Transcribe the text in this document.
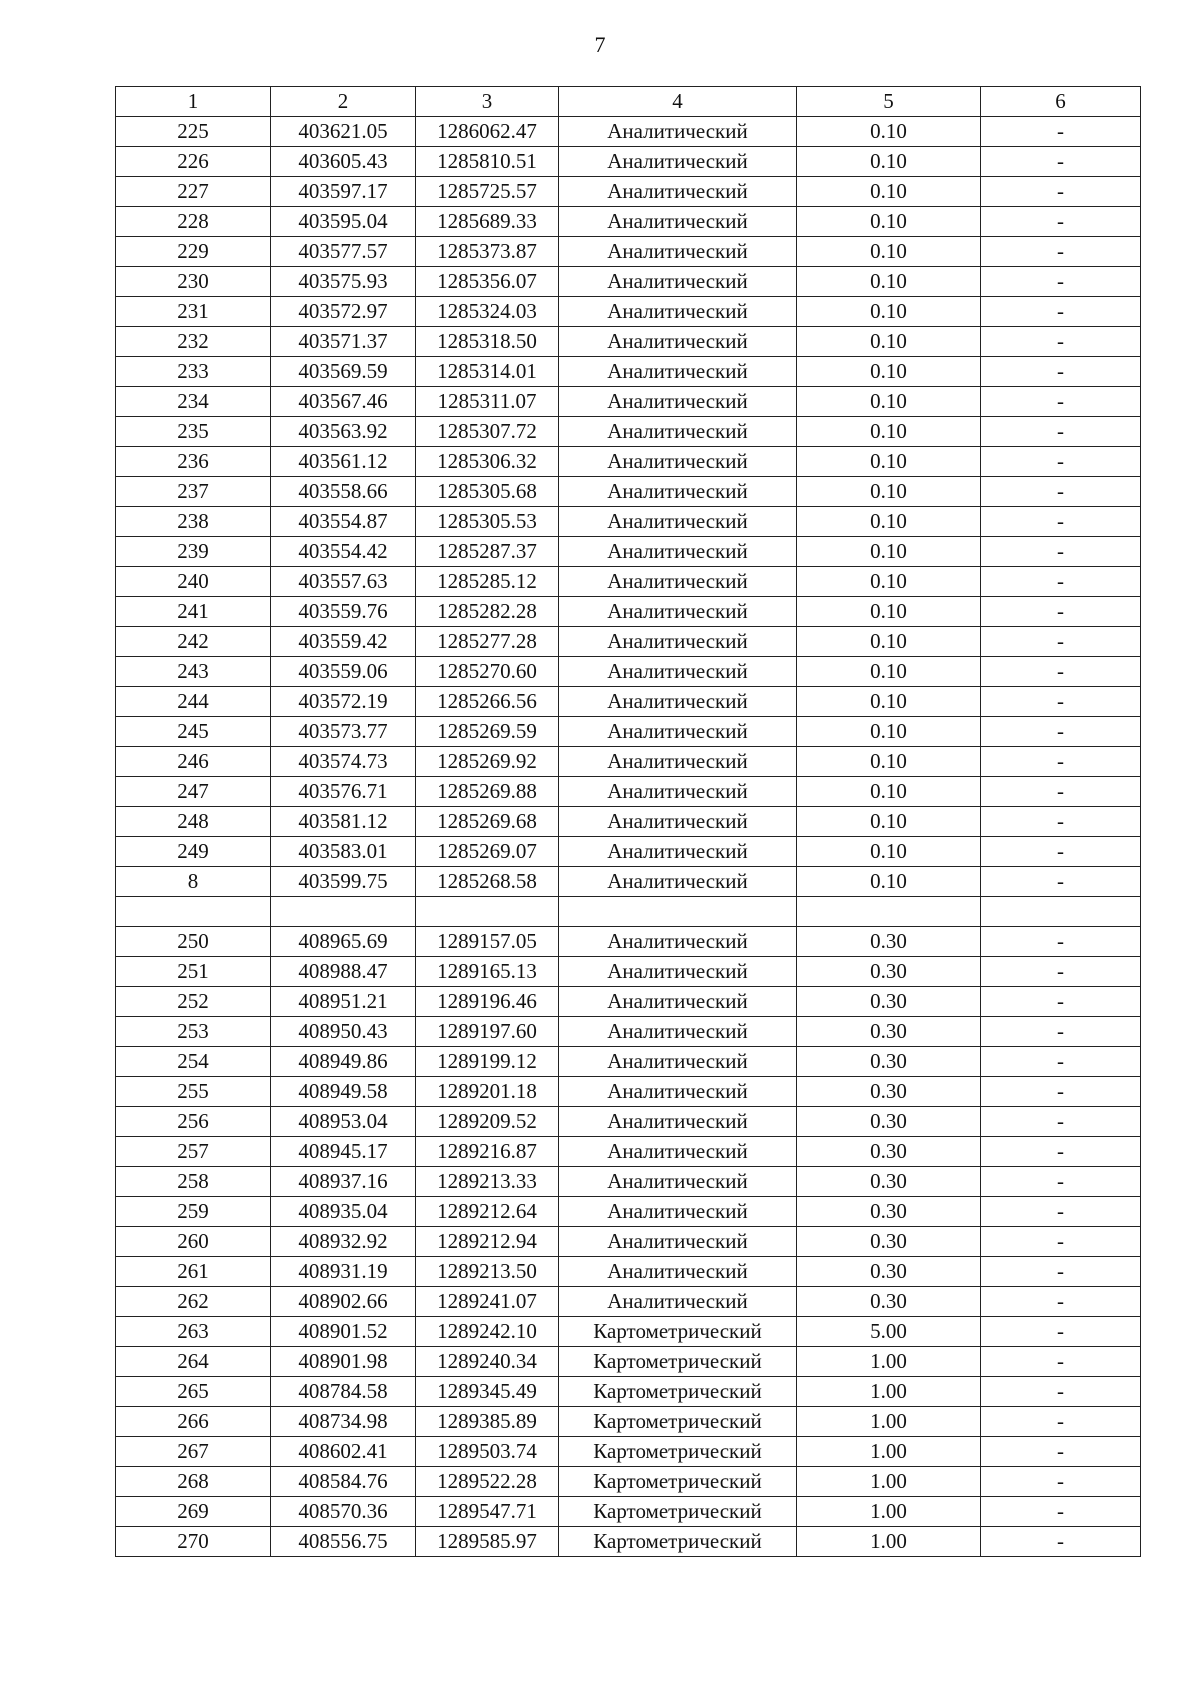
7
1	2	3	4	5	6
225	403621.05	1286062.47	Аналитический	0.10	-
226	403605.43	1285810.51	Аналитический	0.10	-
227	403597.17	1285725.57	Аналитический	0.10	-
228	403595.04	1285689.33	Аналитический	0.10	-
229	403577.57	1285373.87	Аналитический	0.10	-
230	403575.93	1285356.07	Аналитический	0.10	-
231	403572.97	1285324.03	Аналитический	0.10	-
232	403571.37	1285318.50	Аналитический	0.10	-
233	403569.59	1285314.01	Аналитический	0.10	-
234	403567.46	1285311.07	Аналитический	0.10	-
235	403563.92	1285307.72	Аналитический	0.10	-
236	403561.12	1285306.32	Аналитический	0.10	-
237	403558.66	1285305.68	Аналитический	0.10	-
238	403554.87	1285305.53	Аналитический	0.10	-
239	403554.42	1285287.37	Аналитический	0.10	-
240	403557.63	1285285.12	Аналитический	0.10	-
241	403559.76	1285282.28	Аналитический	0.10	-
242	403559.42	1285277.28	Аналитический	0.10	-
243	403559.06	1285270.60	Аналитический	0.10	-
244	403572.19	1285266.56	Аналитический	0.10	-
245	403573.77	1285269.59	Аналитический	0.10	-
246	403574.73	1285269.92	Аналитический	0.10	-
247	403576.71	1285269.88	Аналитический	0.10	-
248	403581.12	1285269.68	Аналитический	0.10	-
249	403583.01	1285269.07	Аналитический	0.10	-
8	403599.75	1285268.58	Аналитический	0.10	-

250	408965.69	1289157.05	Аналитический	0.30	-
251	408988.47	1289165.13	Аналитический	0.30	-
252	408951.21	1289196.46	Аналитический	0.30	-
253	408950.43	1289197.60	Аналитический	0.30	-
254	408949.86	1289199.12	Аналитический	0.30	-
255	408949.58	1289201.18	Аналитический	0.30	-
256	408953.04	1289209.52	Аналитический	0.30	-
257	408945.17	1289216.87	Аналитический	0.30	-
258	408937.16	1289213.33	Аналитический	0.30	-
259	408935.04	1289212.64	Аналитический	0.30	-
260	408932.92	1289212.94	Аналитический	0.30	-
261	408931.19	1289213.50	Аналитический	0.30	-
262	408902.66	1289241.07	Аналитический	0.30	-
263	408901.52	1289242.10	Картометрический	5.00	-
264	408901.98	1289240.34	Картометрический	1.00	-
265	408784.58	1289345.49	Картометрический	1.00	-
266	408734.98	1289385.89	Картометрический	1.00	-
267	408602.41	1289503.74	Картометрический	1.00	-
268	408584.76	1289522.28	Картометрический	1.00	-
269	408570.36	1289547.71	Картометрический	1.00	-
270	408556.75	1289585.97	Картометрический	1.00	-
